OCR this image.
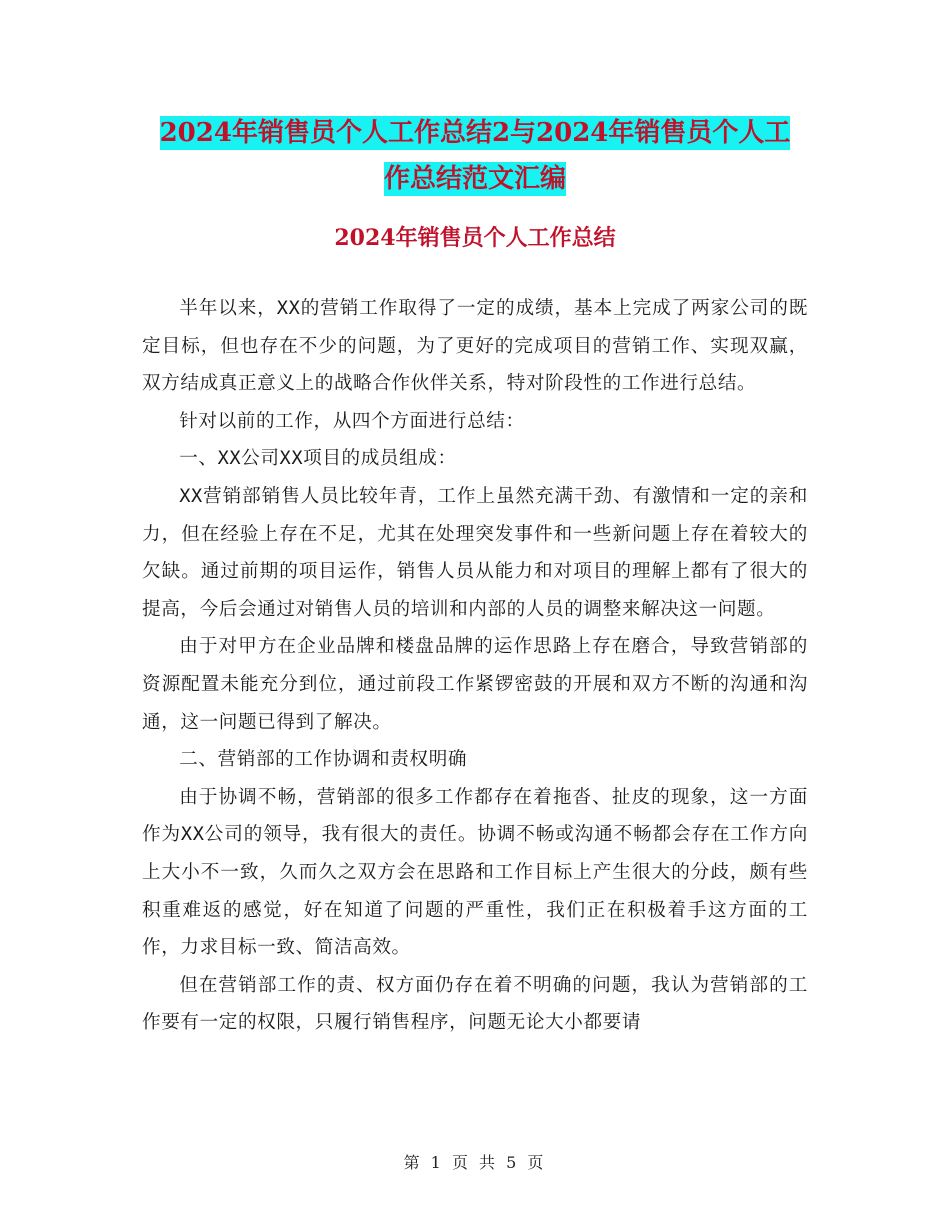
2024年销售员个人工作总结2与2024年销售员个人工
作总结范文汇编
2024年销售员个人工作总结

半年以来，XX的营销工作取得了一定的成绩，基本上完成了两家公司的既定目标，但也存在不少的问题，为了更好的完成项目的营销工作、实现双赢，双方结成真正意义上的战略合作伙伴关系，特对阶段性的工作进行总结。

针对以前的工作，从四个方面进行总结：

一、XX公司XX项目的成员组成：

XX营销部销售人员比较年青，工作上虽然充满干劲、有激情和一定的亲和力，但在经验上存在不足，尤其在处理突发事件和一些新问题上存在着较大的欠缺。通过前期的项目运作，销售人员从能力和对项目的理解上都有了很大的提高，今后会通过对销售人员的培训和内部的人员的调整来解决这一问题。

由于对甲方在企业品牌和楼盘品牌的运作思路上存在磨合，导致营销部的资源配置未能充分到位，通过前段工作紧锣密鼓的开展和双方不断的沟通和沟通，这一问题已得到了解决。

二、营销部的工作协调和责权明确

由于协调不畅，营销部的很多工作都存在着拖沓、扯皮的现象，这一方面作为XX公司的领导，我有很大的责任。协调不畅或沟通不畅都会存在工作方向上大小不一致，久而久之双方会在思路和工作目标上产生很大的分歧，颇有些积重难返的感觉，好在知道了问题的严重性，我们正在积极着手这方面的工作，力求目标一致、简洁高效。

但在营销部工作的责、权方面仍存在着不明确的问题，我认为营销部的工作要有一定的权限，只履行销售程序，问题无论大小都要请

第 1 页 共 5 页
